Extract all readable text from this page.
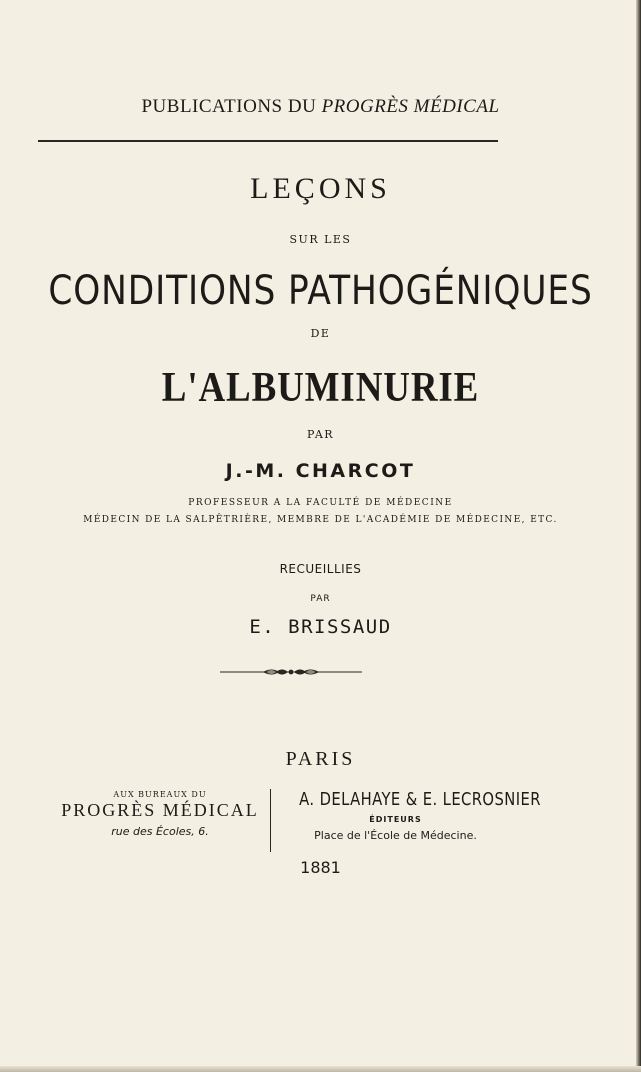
PUBLICATIONS DU PROGRÈS MÉDICAL
LEÇONS
SUR LES
CONDITIONS PATHOGÉNIQUES
DE
L'ALBUMINURIE
PAR
J.-M. CHARCOT
PROFESSEUR A LA FACULTÉ DE MÉDECINE
MÉDECIN DE LA SALPÊTRIÈRE, MEMBRE DE L'ACADÉMIE DE MÉDECINE, ETC.
RECUEILLIES
PAR
E. BRISSAUD
PARIS
AUX BUREAUX DU
PROGRÈS MÉDICAL
rue des Écoles, 6.
A. DELAHAYE & E. LECROSNIER
ÉDITEURS
Place de l'École de Médecine.
1881
